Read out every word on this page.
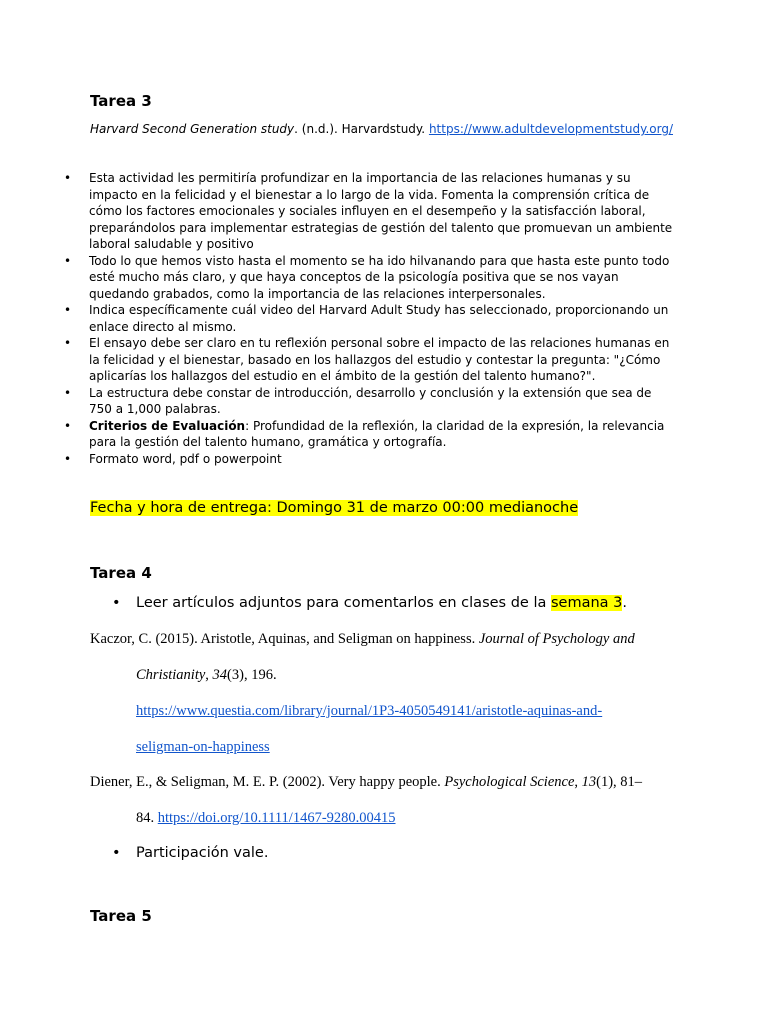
Tarea 3
Harvard Second Generation study. (n.d.). Harvardstudy. https://www.adultdevelopmentstudy.org/
• Esta actividad les permitiría profundizar en la importancia de las relaciones humanas y su impacto en la felicidad y el bienestar a lo largo de la vida. Fomenta la comprensión crítica de cómo los factores emocionales y sociales influyen en el desempeño y la satisfacción laboral, preparándolos para implementar estrategias de gestión del talento que promuevan un ambiente laboral saludable y positivo
• Todo lo que hemos visto hasta el momento se ha ido hilvanando para que hasta este punto todo esté mucho más claro, y que haya conceptos de la psicología positiva que se nos vayan quedando grabados, como la importancia de las relaciones interpersonales.
• Indica específicamente cuál video del Harvard Adult Study has seleccionado, proporcionando un enlace directo al mismo.
• El ensayo debe ser claro en tu reflexión personal sobre el impacto de las relaciones humanas en la felicidad y el bienestar, basado en los hallazgos del estudio y contestar la pregunta: "¿Cómo aplicarías los hallazgos del estudio en el ámbito de la gestión del talento humano?".
• La estructura debe constar de introducción, desarrollo y conclusión y la extensión que sea de 750 a 1,000 palabras.
• Criterios de Evaluación: Profundidad de la reflexión, la claridad de la expresión, la relevancia para la gestión del talento humano, gramática y ortografía.
• Formato word, pdf o powerpoint
Fecha y hora de entrega: Domingo 31 de marzo 00:00 medianoche
Tarea 4
• Leer artículos adjuntos para comentarlos en clases de la semana 3.
Kaczor, C. (2015). Aristotle, Aquinas, and Seligman on happiness. Journal of Psychology and
Christianity, 34(3), 196.
https://www.questia.com/library/journal/1P3-4050549141/aristotle-aquinas-and-
seligman-on-happiness
Diener, E., & Seligman, M. E. P. (2002). Very happy people. Psychological Science, 13(1), 81–
84. https://doi.org/10.1111/1467-9280.00415
• Participación vale.
Tarea 5
